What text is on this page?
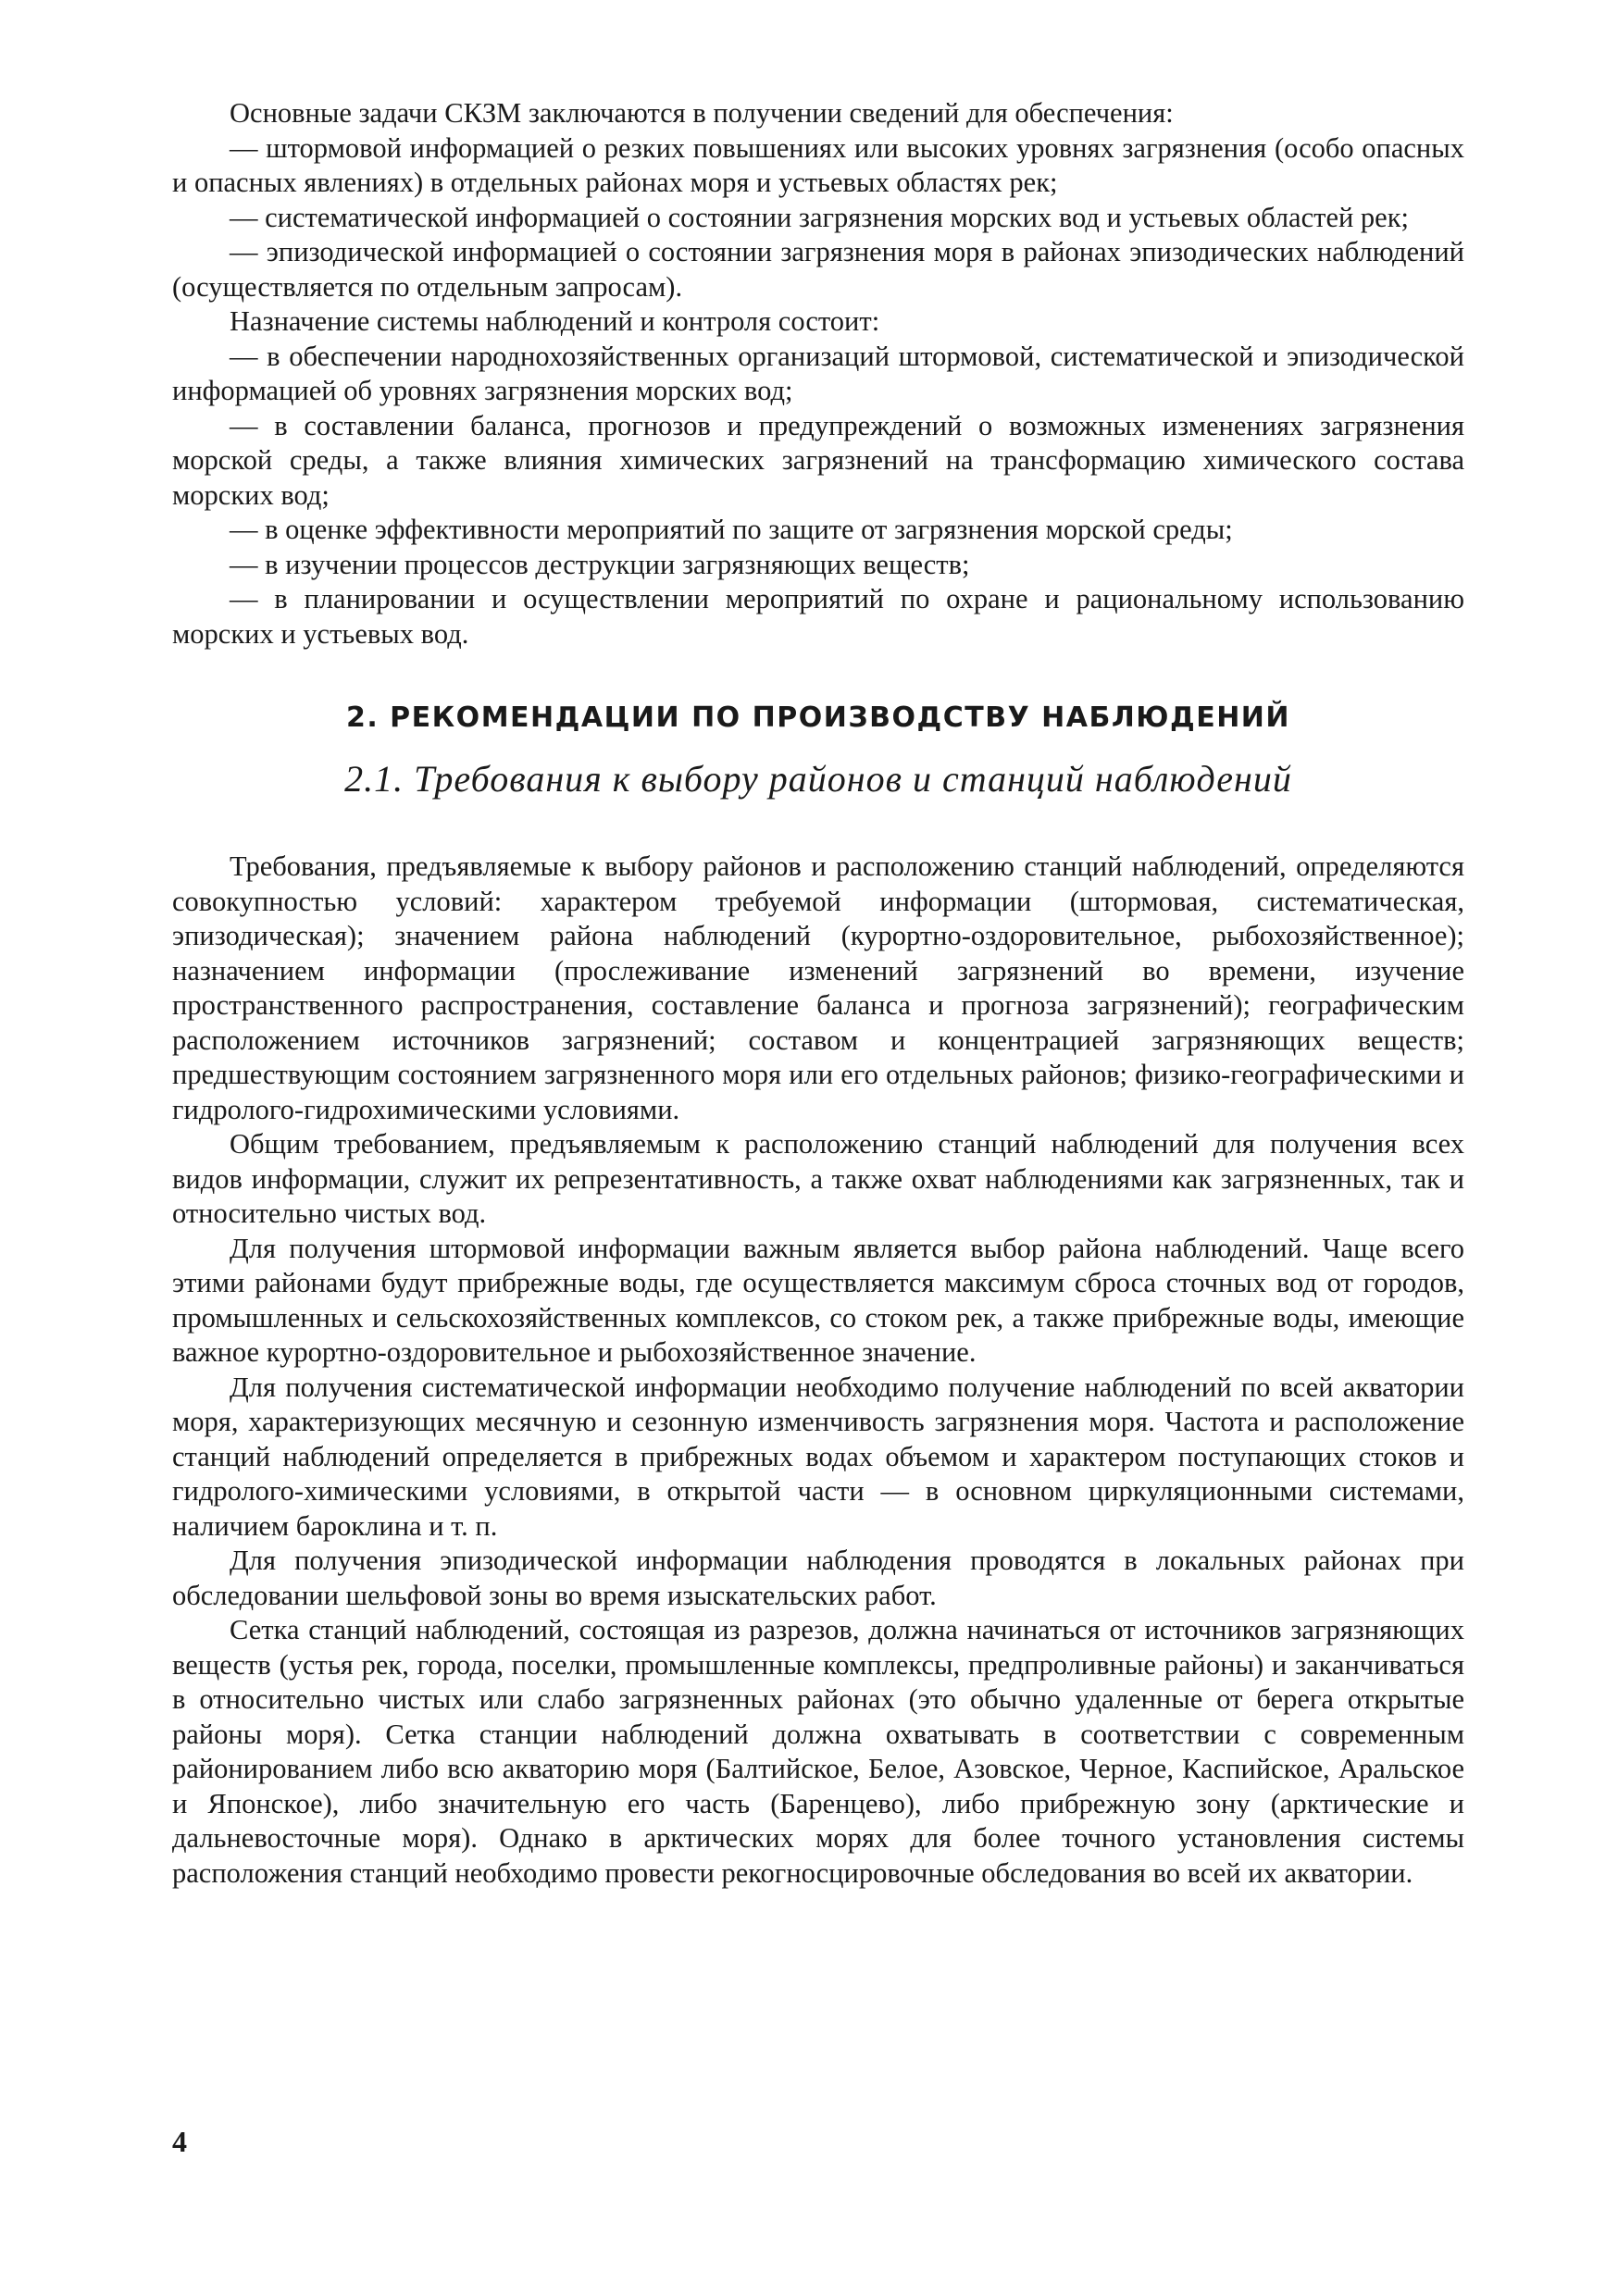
Основные задачи СКЗМ заключаются в получении сведений для обеспечения:

— штормовой информацией о резких повышениях или высоких уровнях загрязнения (особо опасных и опасных явлениях) в отдельных районах моря и устьевых областях рек;

— систематической информацией о состоянии загрязнения морских вод и устьевых областей рек;

— эпизодической информацией о состоянии загрязнения моря в районах эпизодических наблюдений (осуществляется по отдельным запросам).

Назначение системы наблюдений и контроля состоит:

— в обеспечении народнохозяйственных организаций штормовой, систематической и эпизодической информацией об уровнях загрязнения морских вод;

— в составлении баланса, прогнозов и предупреждений о возможных изменениях загрязнения морской среды, а также влияния химических загрязнений на трансформацию химического состава морских вод;

— в оценке эффективности мероприятий по защите от загрязнения морской среды;

— в изучении процессов деструкции загрязняющих веществ;

— в планировании и осуществлении мероприятий по охране и рациональному использованию морских и устьевых вод.

2. РЕКОМЕНДАЦИИ ПО ПРОИЗВОДСТВУ НАБЛЮДЕНИЙ
2.1. Требования к выбору районов и станций наблюдений

Требования, предъявляемые к выбору районов и расположению станций наблюдений, определяются совокупностью условий: характером требуемой информации (штормовая, систематическая, эпизодическая); значением района наблюдений (курортно-оздоровительное, рыбохозяйственное); назначением информации (прослеживание изменений загрязнений во времени, изучение пространственного распространения, составление баланса и прогноза загрязнений); географическим расположением источников загрязнений; составом и концентрацией загрязняющих веществ; предшествующим состоянием загрязненного моря или его отдельных районов; физико-географическими и гидролого-гидрохимическими условиями.

Общим требованием, предъявляемым к расположению станций наблюдений для получения всех видов информации, служит их репрезентативность, а также охват наблюдениями как загрязненных, так и относительно чистых вод.

Для получения штормовой информации важным является выбор района наблюдений. Чаще всего этими районами будут прибрежные воды, где осуществляется максимум сброса сточных вод от городов, промышленных и сельскохозяйственных комплексов, со стоком рек, а также прибрежные воды, имеющие важное курортно-оздоровительное и рыбохозяйственное значение.

Для получения систематической информации необходимо получение наблюдений по всей акватории моря, характеризующих месячную и сезонную изменчивость загрязнения моря. Частота и расположение станций наблюдений определяется в прибрежных водах объемом и характером поступающих стоков и гидролого-химическими условиями, в открытой части — в основном циркуляционными системами, наличием бароклина и т. п.

Для получения эпизодической информации наблюдения проводятся в локальных районах при обследовании шельфовой зоны во время изыскательских работ.

Сетка станций наблюдений, состоящая из разрезов, должна начинаться от источников загрязняющих веществ (устья рек, города, поселки, промышленные комплексы, предпроливные районы) и заканчиваться в относительно чистых или слабо загрязненных районах (это обычно удаленные от берега открытые районы моря). Сетка станции наблюдений должна охватывать в соответствии с современным районированием либо всю акваторию моря (Балтийское, Белое, Азовское, Черное, Каспийское, Аральское и Японское), либо значительную его часть (Баренцево), либо прибрежную зону (арктические и дальневосточные моря). Однако в арктических морях для более точного установления системы расположения станций необходимо провести рекогносцировочные обследования во всей их акватории.

4
